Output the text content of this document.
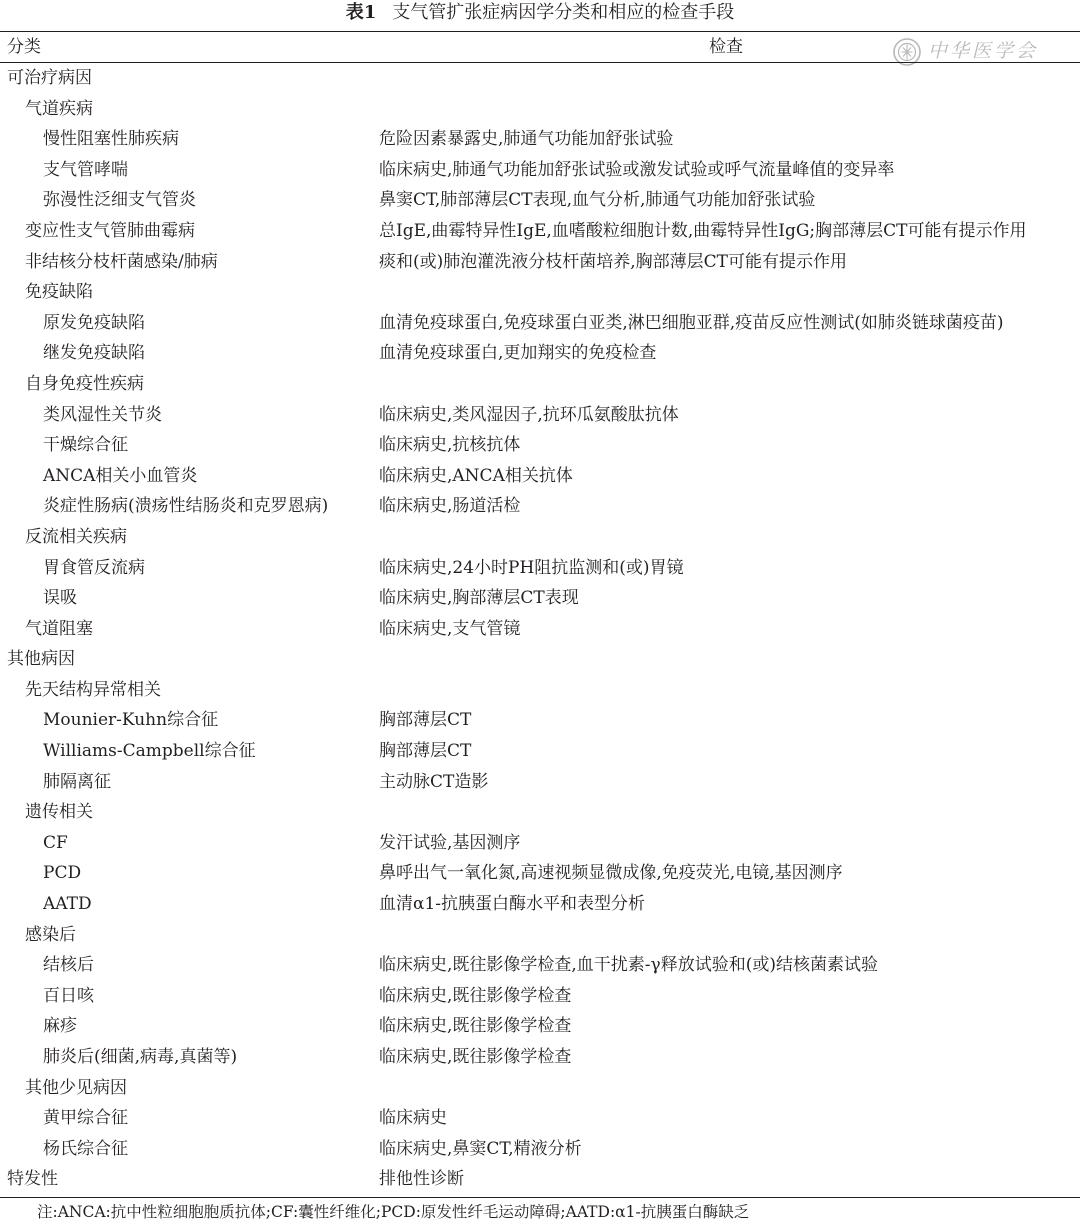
表1 支气管扩张症病因学分类和相应的检查手段
分类	检查	中华医学会
可治疗病因
气道疾病
慢性阻塞性肺疾病	危险因素暴露史,肺通气功能加舒张试验
支气管哮喘	临床病史,肺通气功能加舒张试验或激发试验或呼气流量峰值的变异率
弥漫性泛细支气管炎	鼻窦CT,肺部薄层CT表现,血气分析,肺通气功能加舒张试验
变应性支气管肺曲霉病	总IgE,曲霉特异性IgE,血嗜酸粒细胞计数,曲霉特异性IgG;胸部薄层CT可能有提示作用
非结核分枝杆菌感染/肺病	痰和(或)肺泡灌洗液分枝杆菌培养,胸部薄层CT可能有提示作用
免疫缺陷
原发免疫缺陷	血清免疫球蛋白,免疫球蛋白亚类,淋巴细胞亚群,疫苗反应性测试(如肺炎链球菌疫苗)
继发免疫缺陷	血清免疫球蛋白,更加翔实的免疫检查
自身免疫性疾病
类风湿性关节炎	临床病史,类风湿因子,抗环瓜氨酸肽抗体
干燥综合征	临床病史,抗核抗体
ANCA相关小血管炎	临床病史,ANCA相关抗体
炎症性肠病(溃疡性结肠炎和克罗恩病)	临床病史,肠道活检
反流相关疾病
胃食管反流病	临床病史,24小时PH阻抗监测和(或)胃镜
误吸	临床病史,胸部薄层CT表现
气道阻塞	临床病史,支气管镜
其他病因
先天结构异常相关
Mounier-Kuhn综合征	胸部薄层CT
Williams-Campbell综合征	胸部薄层CT
肺隔离征	主动脉CT造影
遗传相关
CF	发汗试验,基因测序
PCD	鼻呼出气一氧化氮,高速视频显微成像,免疫荧光,电镜,基因测序
AATD	血清α1-抗胰蛋白酶水平和表型分析
感染后
结核后	临床病史,既往影像学检查,血干扰素-γ释放试验和(或)结核菌素试验
百日咳	临床病史,既往影像学检查
麻疹	临床病史,既往影像学检查
肺炎后(细菌,病毒,真菌等)	临床病史,既往影像学检查
其他少见病因
黄甲综合征	临床病史
杨氏综合征	临床病史,鼻窦CT,精液分析
特发性	排他性诊断
注:ANCA:抗中性粒细胞胞质抗体;CF:囊性纤维化;PCD:原发性纤毛运动障碍;AATD:α1-抗胰蛋白酶缺乏
